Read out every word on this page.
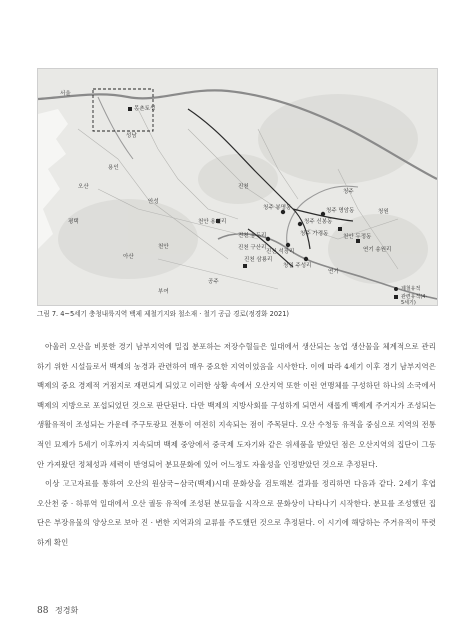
서울
몽촌토성
성남
용인
오산
평택
안성
천안
아산
진천
청주
청원
연기
공주
부여
청주 봉명동
청주 신봉동
청주 명암동
청주 가경동
진천 송두리
진천 석장리
진천 구산리
진천 삼룡리
청원 주성리
천안 용원리
천안 두정동
연기 송원리
제철유적
관련유적(4-5세기)
그림 7. 4~5세기 충청내륙지역 백제 제철기지와 철소재 · 철기 공급 경로(정경화 2021)

아울러 오산을 비롯한 경기 남부지역에 밀집 분포하는 저장수혈들은 일대에서 생산되는 농업 생산물을 체계적으로 관리하기 위한 시설들로서 백제의 농경과 관련하여 매우 중요한 지역이었음을 시사한다. 이에 따라 4세기 이후 경기 남부지역은 백제의 중요 경제적 거점지로 재편되게 되었고 이러한 상황 속에서 오산지역 또한 이런 연맹체를 구성하던 하나의 소국에서 백제의 지방으로 포섭되었던 것으로 판단된다. 다만 백제의 지방사회를 구성하게 되면서 새롭게 백제계 주거지가 조성되는 생활유적이 조성되는 가운데 주구토광묘 전통이 여전히 지속되는 점이 주목된다. 오산 수청동 유적을 중심으로 지역의 전통적인 묘제가 5세기 이후까지 지속되며 백제 중앙에서 중국제 도자기와 같은 위세품을 받았던 점은 오산지역의 집단이 그동안 가져왔던 정체성과 세력이 반영되어 분묘문화에 있어 어느정도 자율성을 인정받았던 것으로 추정된다.

이상 고고자료를 통하여 오산의 원삼국~삼국(백제)시대 문화상을 검토해본 결과를 정리하면 다음과 같다. 2세기 후엽 오산천 중 · 하류역 일대에서 오산 궐동 유적에 조성된 분묘들을 시작으로 문화상이 나타나기 시작한다. 분묘를 조성했던 집단은 부장유물의 양상으로 보아 진 · 변한 지역과의 교류를 주도했던 것으로 추정된다. 이 시기에 해당하는 주거유적이 뚜렷하게 확인

88 정경화
